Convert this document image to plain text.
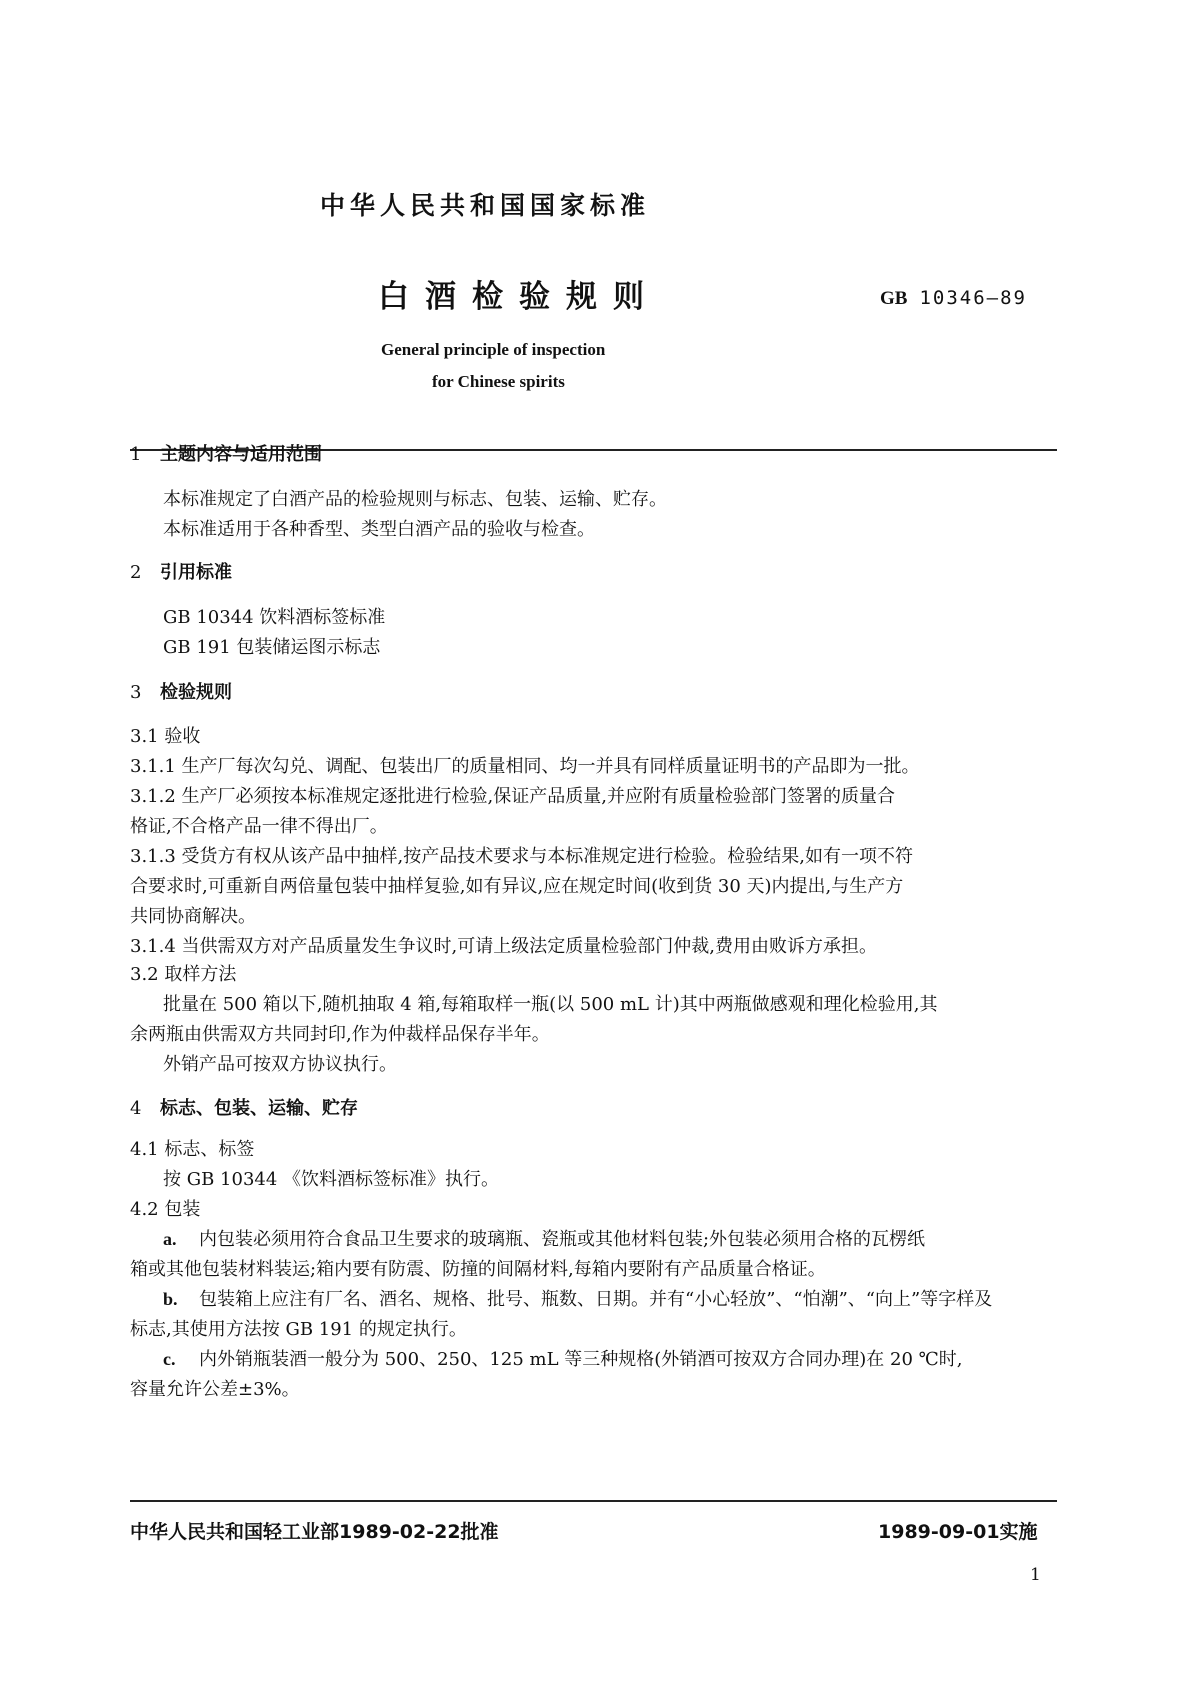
中华人民共和国国家标准
白酒检验规则	GB 10346—89
General principle of inspection
for Chinese spirits
1 主题内容与适用范围
本标准规定了白酒产品的检验规则与标志、包装、运输、贮存。
本标准适用于各种香型、类型白酒产品的验收与检查。
2 引用标准
GB 10344 饮料酒标签标准
GB 191 包装储运图示标志
3 检验规则
3.1 验收
3.1.1 生产厂每次勾兑、调配、包装出厂的质量相同、均一并具有同样质量证明书的产品即为一批。
3.1.2 生产厂必须按本标准规定逐批进行检验,保证产品质量,并应附有质量检验部门签署的质量合
格证,不合格产品一律不得出厂。
3.1.3 受货方有权从该产品中抽样,按产品技术要求与本标准规定进行检验。检验结果,如有一项不符
合要求时,可重新自两倍量包装中抽样复验,如有异议,应在规定时间(收到货 30 天)内提出,与生产方
共同协商解决。
3.1.4 当供需双方对产品质量发生争议时,可请上级法定质量检验部门仲裁,费用由败诉方承担。
3.2 取样方法
批量在 500 箱以下,随机抽取 4 箱,每箱取样一瓶(以 500 mL 计)其中两瓶做感观和理化检验用,其
余两瓶由供需双方共同封印,作为仲裁样品保存半年。
外销产品可按双方协议执行。
4 标志、包装、运输、贮存
4.1 标志、标签
按 GB 10344 《饮料酒标签标准》执行。
4.2 包装
a. 内包装必须用符合食品卫生要求的玻璃瓶、瓷瓶或其他材料包装;外包装必须用合格的瓦楞纸
箱或其他包装材料装运;箱内要有防震、防撞的间隔材料,每箱内要附有产品质量合格证。
b. 包装箱上应注有厂名、酒名、规格、批号、瓶数、日期。并有“小心轻放”、“怕潮”、“向上”等字样及
标志,其使用方法按 GB 191 的规定执行。
c. 内外销瓶装酒一般分为 500、250、125 mL 等三种规格(外销酒可按双方合同办理)在 20 ℃时,
容量允许公差±3%。
中华人民共和国轻工业部1989-02-22批准	1989-09-01实施
1
